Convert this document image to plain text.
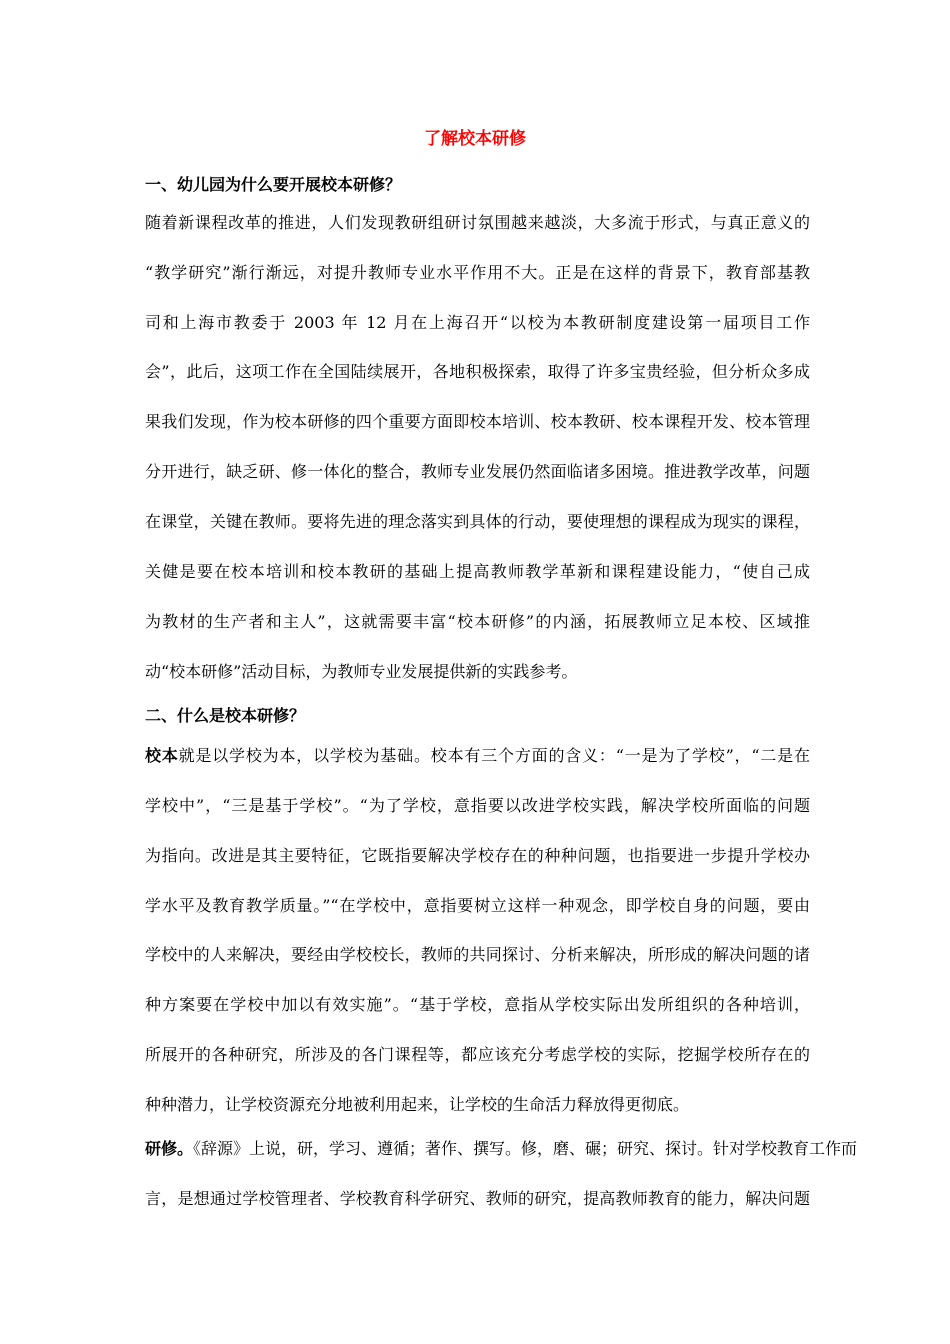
了解校本研修
一、幼儿园为什么要开展校本研修？
随着新课程改革的推进，人们发现教研组研讨氛围越来越淡，大多流于形式，与真正意义的
“教学研究”渐行渐远，对提升教师专业水平作用不大。正是在这样的背景下，教育部基教
司和上海市教委于 2003 年 12 月在上海召开“以校为本教研制度建设第一届项目工作
会”，此后，这项工作在全国陆续展开，各地积极探索，取得了许多宝贵经验，但分析众多成
果我们发现，作为校本研修的四个重要方面即校本培训、校本教研、校本课程开发、校本管理
分开进行，缺乏研、修一体化的整合，教师专业发展仍然面临诸多困境。推进教学改革，问题
在课堂，关键在教师。要将先进的理念落实到具体的行动，要使理想的课程成为现实的课程，
关健是要在校本培训和校本教研的基础上提高教师教学革新和课程建设能力，“使自己成
为教材的生产者和主人”，这就需要丰富“校本研修”的内涵，拓展教师立足本校、区域推
动“校本研修”活动目标，为教师专业发展提供新的实践参考。
二、什么是校本研修？
校本就是以学校为本，以学校为基础。校本有三个方面的含义：“一是为了学校”，“二是在
学校中”，“三是基于学校”。“为了学校，意指要以改进学校实践，解决学校所面临的问题
为指向。改进是其主要特征，它既指要解决学校存在的种种问题，也指要进一步提升学校办
学水平及教育教学质量。”“在学校中，意指要树立这样一种观念，即学校自身的问题，要由
学校中的人来解决，要经由学校校长，教师的共同探讨、分析来解决，所形成的解决问题的诸
种方案要在学校中加以有效实施”。“基于学校，意指从学校实际出发所组织的各种培训，
所展开的各种研究，所涉及的各门课程等，都应该充分考虑学校的实际，挖掘学校所存在的
种种潜力，让学校资源充分地被利用起来，让学校的生命活力释放得更彻底。
研修。《辞源》上说，研，学习、遵循；著作、撰写。修，磨、碾；研究、探讨。针对学校教育工作而
言，是想通过学校管理者、学校教育科学研究、教师的研究，提高教师教育的能力，解决问题
